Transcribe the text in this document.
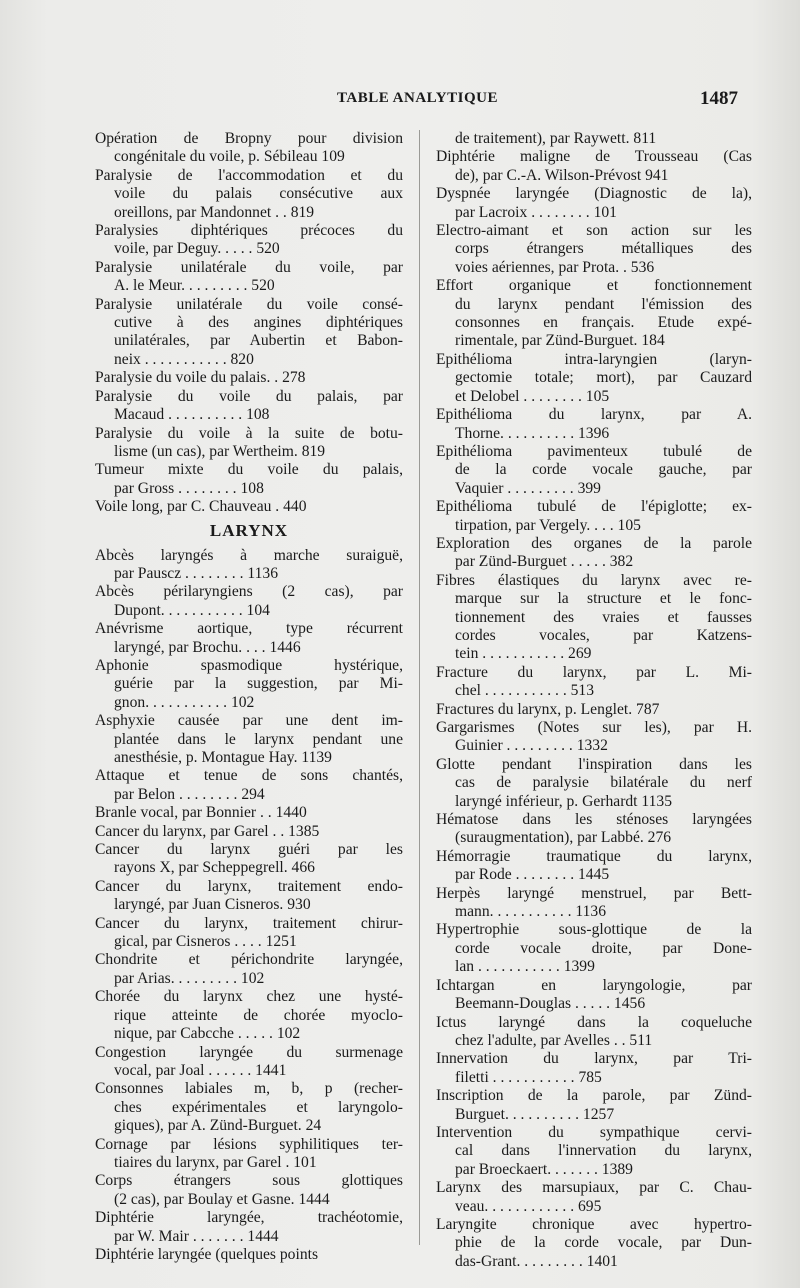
TABLE ANALYTIQUE	1487
Opération de Bropny pour division
congénitale du voile, p. Sébileau 109
Paralysie de l'accommodation et du
voile du palais consécutive aux
oreillons, par Mandonnet . . 819
Paralysies diphtériques précoces du
voile, par Deguy. . . . . 520
Paralysie unilatérale du voile, par
A. le Meur. . . . . . . . . 520
Paralysie unilatérale du voile consé-
cutive à des angines diphtériques
unilatérales, par Aubertin et Babon-
neix . . . . . . . . . . . 820
Paralysie du voile du palais. . 278
Paralysie du voile du palais, par
Macaud . . . . . . . . . . 108
Paralysie du voile à la suite de botu-
lisme (un cas), par Wertheim. 819
Tumeur mixte du voile du palais,
par Gross . . . . . . . . 108
Voile long, par C. Chauveau . 440
LARYNX
Abcès laryngés à marche suraiguë,
par Pauscz . . . . . . . . 1136
Abcès périlaryngiens (2 cas), par
Dupont. . . . . . . . . . . 104
Anévrisme aortique, type récurrent
laryngé, par Brochu. . . . 1446
Aphonie spasmodique hystérique,
guérie par la suggestion, par Mi-
gnon. . . . . . . . . . . 102
Asphyxie causée par une dent im-
plantée dans le larynx pendant une
anesthésie, p. Montague Hay. 1139
Attaque et tenue de sons chantés,
par Belon . . . . . . . . 294
Branle vocal, par Bonnier . . 1440
Cancer du larynx, par Garel . . 1385
Cancer du larynx guéri par les
rayons X, par Scheppegrell. 466
Cancer du larynx, traitement endo-
laryngé, par Juan Cisneros. 930
Cancer du larynx, traitement chirur-
gical, par Cisneros . . . . 1251
Chondrite et périchondrite laryngée,
par Arias. . . . . . . . . 102
Chorée du larynx chez une hysté-
rique atteinte de chorée myoclo-
nique, par Cabcche . . . . . 102
Congestion laryngée du surmenage
vocal, par Joal . . . . . . 1441
Consonnes labiales m, b, p (recher-
ches expérimentales et laryngolo-
giques), par A. Zünd-Burguet. 24
Cornage par lésions syphilitiques ter-
tiaires du larynx, par Garel . 101
Corps étrangers sous glottiques
(2 cas), par Boulay et Gasne. 1444
Diphtérie laryngée, trachéotomie,
par W. Mair . . . . . . . 1444
Diphtérie laryngée (quelques points
de traitement), par Raywett. 811
Diphtérie maligne de Trousseau (Cas
de), par C.-A. Wilson-Prévost 941
Dyspnée laryngée (Diagnostic de la),
par Lacroix . . . . . . . . 101
Electro-aimant et son action sur les
corps étrangers métalliques des
voies aériennes, par Prota. . 536
Effort organique et fonctionnement
du larynx pendant l'émission des
consonnes en français. Etude expé-
rimentale, par Zünd-Burguet. 184
Epithélioma intra-laryngien (laryn-
gectomie totale; mort), par Cauzard
et Delobel . . . . . . . . 105
Epithélioma du larynx, par A.
Thorne. . . . . . . . . . 1396
Epithélioma pavimenteux tubulé de
de la corde vocale gauche, par
Vaquier . . . . . . . . . 399
Epithélioma tubulé de l'épiglotte; ex-
tirpation, par Vergely. . . . 105
Exploration des organes de la parole
par Zünd-Burguet . . . . . 382
Fibres élastiques du larynx avec re-
marque sur la structure et le fonc-
tionnement des vraies et fausses
cordes vocales, par Katzens-
tein . . . . . . . . . . . 269
Fracture du larynx, par L. Mi-
chel . . . . . . . . . . . 513
Fractures du larynx, p. Lenglet. 787
Gargarismes (Notes sur les), par H.
Guinier . . . . . . . . . 1332
Glotte pendant l'inspiration dans les
cas de paralysie bilatérale du nerf
laryngé inférieur, p. Gerhardt 1135
Hématose dans les sténoses laryngées
(suraugmentation), par Labbé. 276
Hémorragie traumatique du larynx,
par Rode . . . . . . . . 1445
Herpès laryngé menstruel, par Bett-
mann. . . . . . . . . . . 1136
Hypertrophie sous-glottique de la
corde vocale droite, par Done-
lan . . . . . . . . . . . 1399
Ichtargan en laryngologie, par
Beemann-Douglas . . . . . 1456
Ictus laryngé dans la coqueluche
chez l'adulte, par Avelles . . 511
Innervation du larynx, par Tri-
filetti . . . . . . . . . . . 785
Inscription de la parole, par Zünd-
Burguet. . . . . . . . . . 1257
Intervention du sympathique cervi-
cal dans l'innervation du larynx,
par Broeckaert. . . . . . . 1389
Larynx des marsupiaux, par C. Chau-
veau. . . . . . . . . . . . 695
Laryngite chronique avec hypertro-
phie de la corde vocale, par Dun-
das-Grant. . . . . . . . . 1401
